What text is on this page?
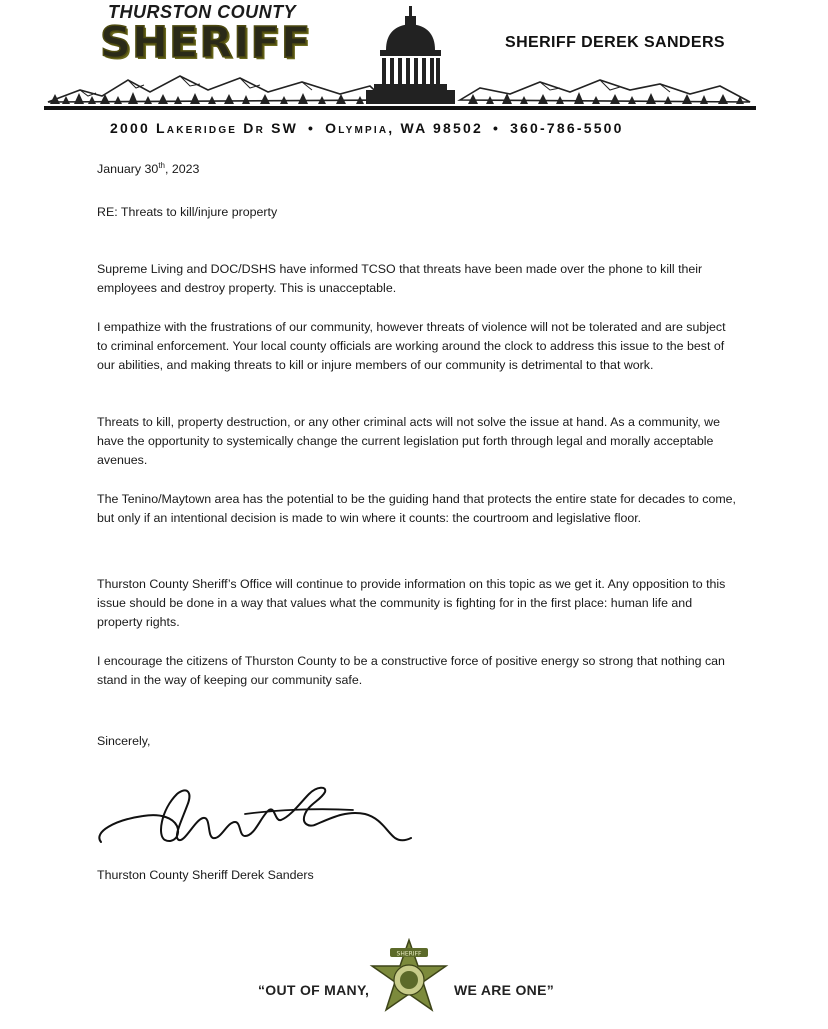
THURSTON COUNTY
SHERIFF	SHERIFF DEREK SANDERS
2000 Lakeridge Dr SW • Olympia, WA 98502 • 360-786-5500
January 30th, 2023
RE: Threats to kill/injure property
Supreme Living and DOC/DSHS have informed TCSO that threats have been made over the phone to kill their employees and destroy property. This is unacceptable.
I empathize with the frustrations of our community, however threats of violence will not be tolerated and are subject to criminal enforcement. Your local county officials are working around the clock to address this issue to the best of our abilities, and making threats to kill or injure members of our community is detrimental to that work.
Threats to kill, property destruction, or any other criminal acts will not solve the issue at hand. As a community, we have the opportunity to systemically change the current legislation put forth through legal and morally acceptable avenues.
The Tenino/Maytown area has the potential to be the guiding hand that protects the entire state for decades to come, but only if an intentional decision is made to win where it counts: the courtroom and legislative floor.
Thurston County Sheriff’s Office will continue to provide information on this topic as we get it. Any opposition to this issue should be done in a way that values what the community is fighting for in the first place: human life and property rights.
I encourage the citizens of Thurston County to be a constructive force of positive energy so strong that nothing can stand in the way of keeping our community safe.
Sincerely,
Thurston County Sheriff Derek Sanders
“OUT OF MANY,	WE ARE ONE”
SHERIFF
